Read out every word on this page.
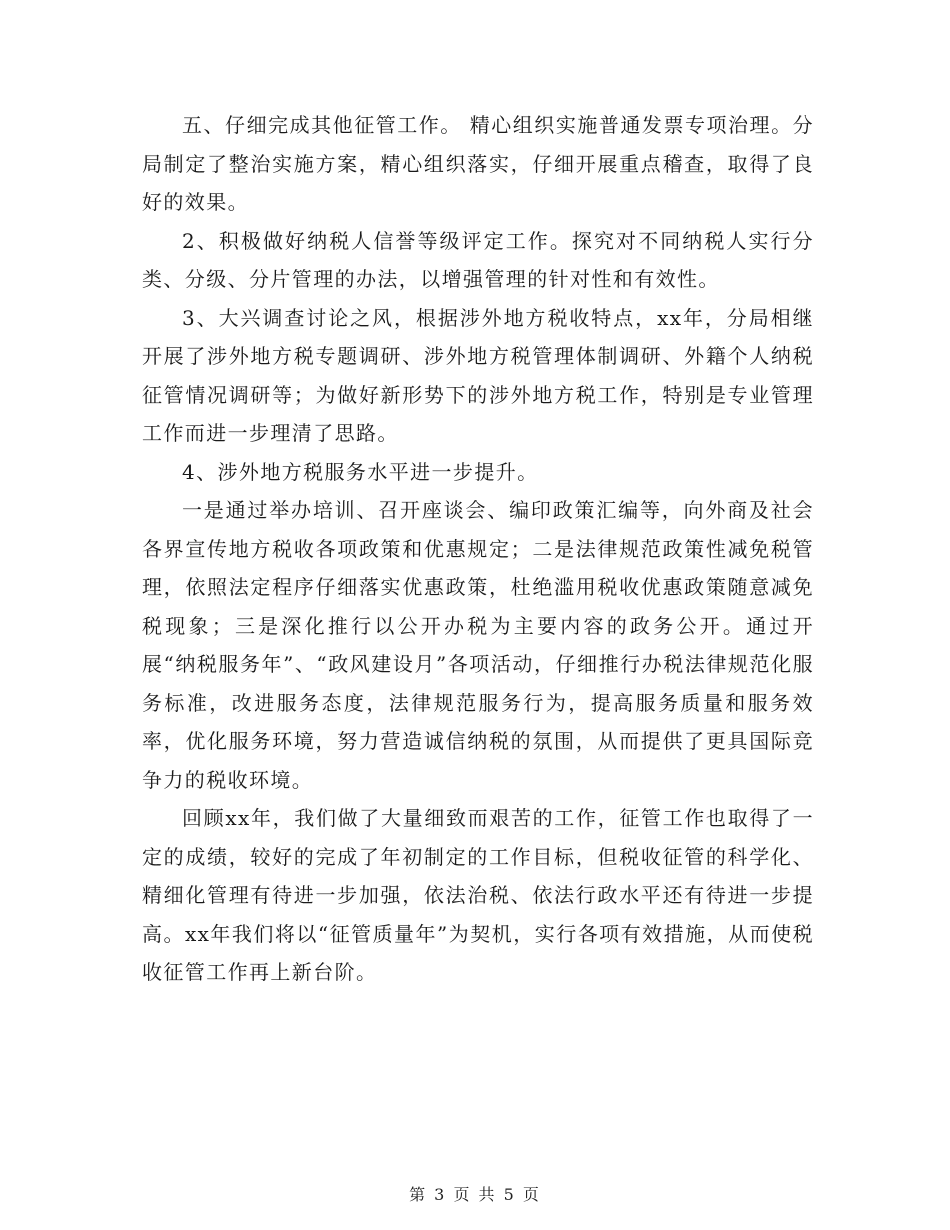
五、仔细完成其他征管工作。 精心组织实施普通发票专项治理。分局制定了整治实施方案，精心组织落实，仔细开展重点稽查，取得了良好的效果。

2、积极做好纳税人信誉等级评定工作。探究对不同纳税人实行分类、分级、分片管理的办法，以增强管理的针对性和有效性。

3、大兴调查讨论之风，根据涉外地方税收特点，xx年，分局相继开展了涉外地方税专题调研、涉外地方税管理体制调研、外籍个人纳税征管情况调研等；为做好新形势下的涉外地方税工作，特别是专业管理工作而进一步理清了思路。

4、涉外地方税服务水平进一步提升。

一是通过举办培训、召开座谈会、编印政策汇编等，向外商及社会各界宣传地方税收各项政策和优惠规定；二是法律规范政策性减免税管理，依照法定程序仔细落实优惠政策，杜绝滥用税收优惠政策随意减免税现象；三是深化推行以公开办税为主要内容的政务公开。通过开展“纳税服务年”、“政风建设月”各项活动，仔细推行办税法律规范化服务标准，改进服务态度，法律规范服务行为，提高服务质量和服务效率，优化服务环境，努力营造诚信纳税的氛围，从而提供了更具国际竞争力的税收环境。

回顾xx年，我们做了大量细致而艰苦的工作，征管工作也取得了一定的成绩，较好的完成了年初制定的工作目标，但税收征管的科学化、精细化管理有待进一步加强，依法治税、依法行政水平还有待进一步提高。xx年我们将以“征管质量年”为契机，实行各项有效措施，从而使税收征管工作再上新台阶。

第 3 页 共 5 页
